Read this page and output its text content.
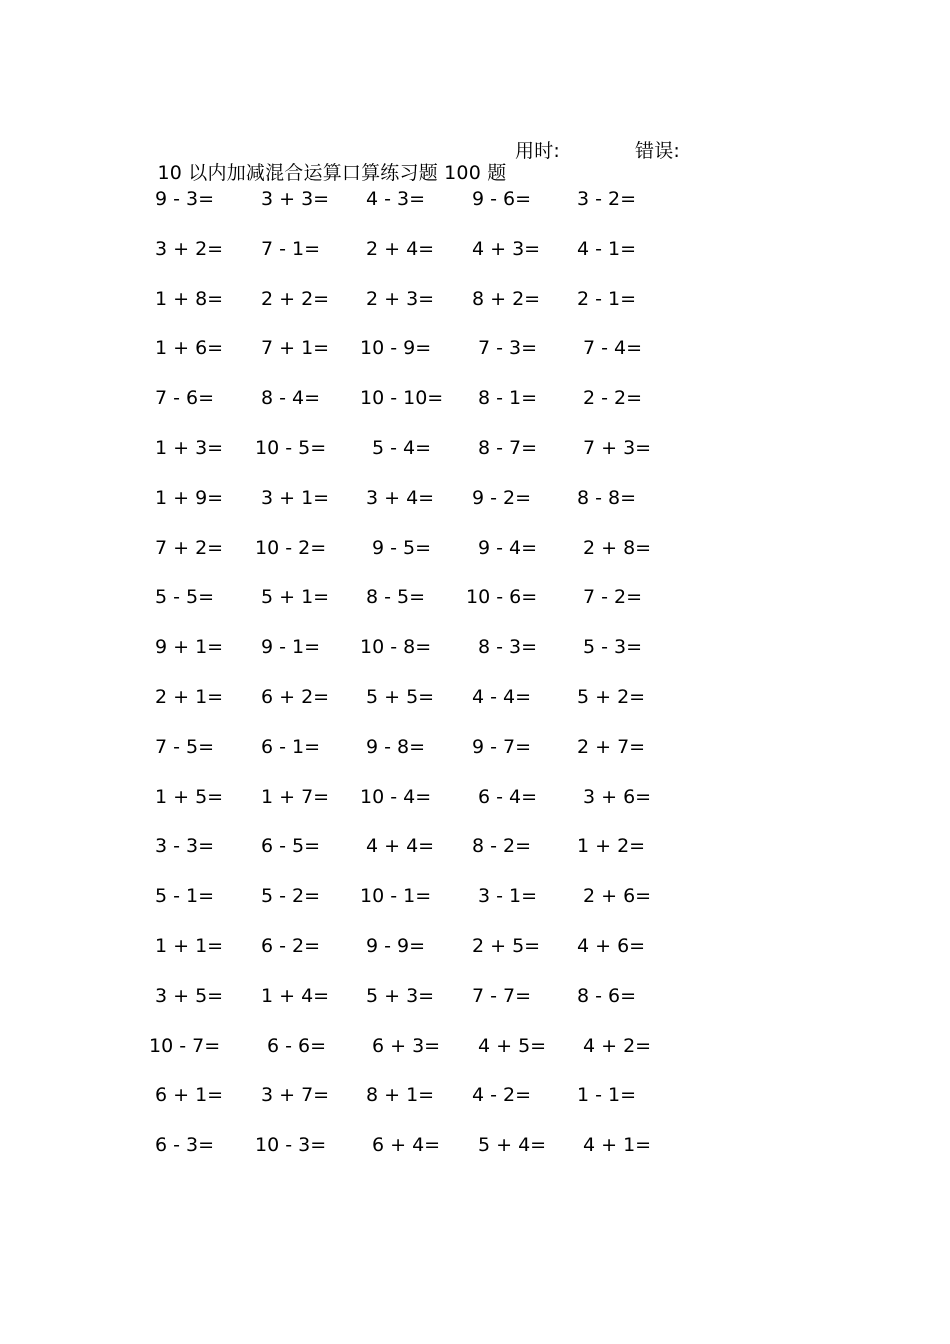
10 以内加减混合运算口算练习题 100 题

用时:

	错误:

9 - 3=	3 + 3=	4 - 3=	9 - 6=	3 - 2=
3 + 2=	7 - 1=	2 + 4=	4 + 3=	4 - 1=
1 + 8=	2 + 2=	2 + 3=	8 + 2=	2 - 1=
1 + 6=	7 + 1=	10 - 9=	7 - 3=	7 - 4=
7 - 6=	8 - 4=	10 - 10=	8 - 1=	2 - 2=
1 + 3=	10 - 5=	5 - 4=	8 - 7=	7 + 3=
1 + 9=	3 + 1=	3 + 4=	9 - 2=	8 - 8=
7 + 2=	10 - 2=	9 - 5=	9 - 4=	2 + 8=
5 - 5=	5 + 1=	8 - 5=	10 - 6=	7 - 2=
9 + 1=	9 - 1=	10 - 8=	8 - 3=	5 - 3=
2 + 1=	6 + 2=	5 + 5=	4 - 4=	5 + 2=
7 - 5=	6 - 1=	9 - 8=	9 - 7=	2 + 7=
1 + 5=	1 + 7=	10 - 4=	6 - 4=	3 + 6=
3 - 3=	6 - 5=	4 + 4=	8 - 2=	1 + 2=
5 - 1=	5 - 2=	10 - 1=	3 - 1=	2 + 6=
1 + 1=	6 - 2=	9 - 9=	2 + 5=	4 + 6=
3 + 5=	1 + 4=	5 + 3=	7 - 7=	8 - 6=
10 - 7=	6 - 6=	6 + 3=	4 + 5=	4 + 2=
6 + 1=	3 + 7=	8 + 1=	4 - 2=	1 - 1=
6 - 3=	10 - 3=	6 + 4=	5 + 4=	4 + 1=
